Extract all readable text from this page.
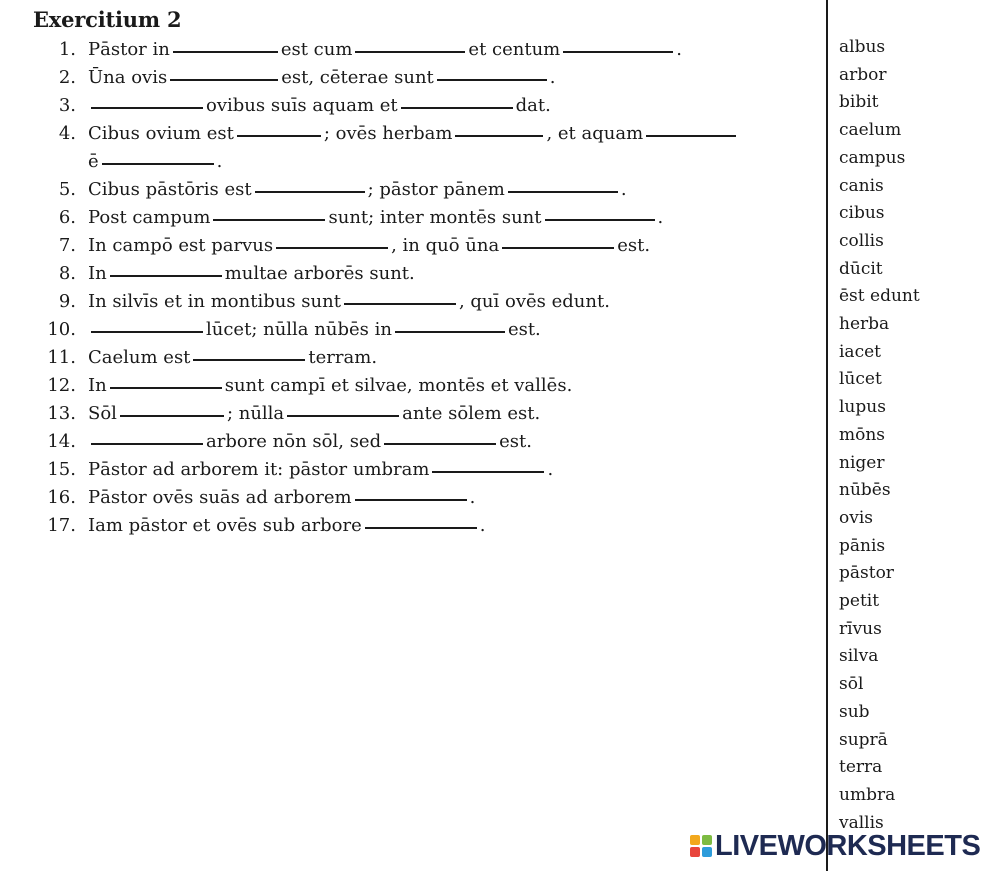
Exercitium 2
1. Pāstor in	est cum	et centum	.
2. Ūna ovis	est, cēterae sunt	.
3.	ovibus suīs aquam et	dat.
4. Cibus ovium est	; ovēs herbam	, et aquam
ē	.
5. Cibus pāstōris est	; pāstor pānem	.
6. Post campum	sunt; inter montēs sunt	.
7. In campō est parvus	, in quō ūna	est.
8. In	multae arborēs sunt.
9. In silvīs et in montibus sunt	, quī ovēs edunt.
10.	lūcet; nūlla nūbēs in	est.
11. Caelum est	terram.
12. In	sunt campī et silvae, montēs et vallēs.
13. Sōl	; nūlla	ante sōlem est.
14.	arbore nōn sōl, sed	est.
15. Pāstor ad arborem it: pāstor umbram	.
16. Pāstor ovēs suās ad arborem	.
17. Iam pāstor et ovēs sub arbore	.
albus
arbor
bibit
caelum
campus
canis
cibus
collis
dūcit
ēst edunt
herba
iacet
lūcet
lupus
mōns
niger
nūbēs
ovis
pānis
pāstor
petit
rīvus
silva
sōl
sub
suprā
terra
umbra
vallis
LIVEWORKSHEETS
